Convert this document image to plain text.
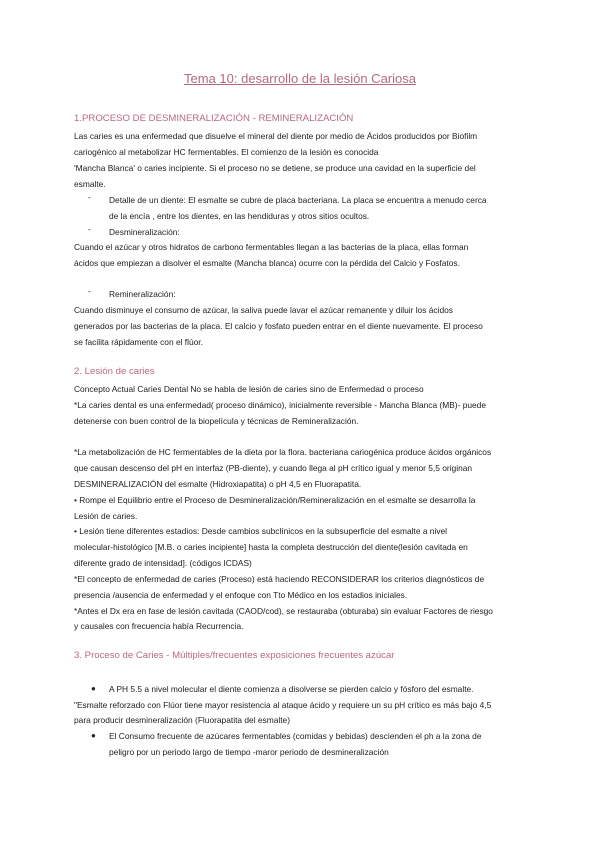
Tema 10: desarrollo de la lesión Cariosa
1.PROCESO DE DESMINERALIZACIÓN - REMINERALIZACIÓN
Las caries es una enfermedad que disuelve el mineral del diente por medio de Ácidos producidos por Biofilm
cariogénico al metabolizar HC fermentables. El comienzo de la lesión es conocida
'Mancha Blanca' o caries incipiente. Si el proceso no se detiene, se produce una cavidad en la superficie del
esmalte.
- Detalle de un diente: El esmalte se cubre de placa bacteriana. La placa se encuentra a menudo cerca
de la encía , entre los dientes, en las hendiduras y otros sitios ocultos.
- Desmineralización:
Cuando el azúcar y otros hidratos de carbono fermentables llegan a las bacterias de la placa, ellas forman
ácidos que empiezan a disolver el esmalte (Mancha blanca) ocurre con la pérdida del Calcio y Fosfatos.
- Remineralización:
Cuando disminuye el consumo de azúcar, la saliva puede lavar el azúcar remanente y diluir los ácidos
generados por las bacterias de la placa. El calcio y fosfato pueden entrar en el diente nuevamente. El proceso
se facilita rápidamente con el flúor.
2. Lesión de caries
Concepto Actual Caries Dental No se habla de lesión de caries sino de Enfermedad o proceso
*La caries dental es una enfermedad( proceso dinámico), inicialmente reversible - Mancha Blanca (MB)- puede
detenerse con buen control de la biopelícula y técnicas de Remineralización.
*La metabolización de HC fermentables de la dieta por la flora. bacteriana cariogénica produce ácidos orgánicos
que causan descenso del pH en interfaz (PB-diente), y cuando llega al pH crítico igual y menor 5,5 originan
DESMINERALIZACIÓN del esmalte (Hidroxiapatita) o pH 4,5 en Fluorapatita.
• Rompe el Equilibrio entre el Proceso de Desmineralización/Remineralización en el esmalte se desarrolla la
Lesión de caries.
• Lesión tiene diferentes estadios: Desde cambios subclínicos en la subsuperficie del esmalte a nivel
molecular-histológico [M.B. o caries incipiente] hasta la completa destrucción del diente(lesión cavitada en
diferente grado de intensidad]. (códigos ICDAS)
*El concepto de enfermedad de caries (Proceso) está haciendo RECONSIDERAR los criterios diagnósticos de
presencia /ausencia de enfermedad y el enfoque con Tto Médico en los estadios iniciales.
*Antes el Dx era en fase de lesión cavitada (CAOD/cod), se restauraba (obturaba) sin evaluar Factores de riesgo
y causales con frecuencia había Recurrencia.
3. Proceso de Caries - Múltiples/frecuentes exposiciones frecuentes azúcar
● A PH 5.5 a nivel molecular el diente comienza a disolverse se pierden calcio y fósforo del esmalte.
"Esmalte reforzado con Flúor tiene mayor resistencia al ataque ácido y requiere un su pH crítico es más bajo 4,5
para producir desmineralización (Fluorapatita del esmalte)
● El Consumo frecuente de azúcares fermentables (comidas y bebidas) descienden el ph a la zona de
peligro por un periodo largo de tiempo -maror periodo de desmineralización
